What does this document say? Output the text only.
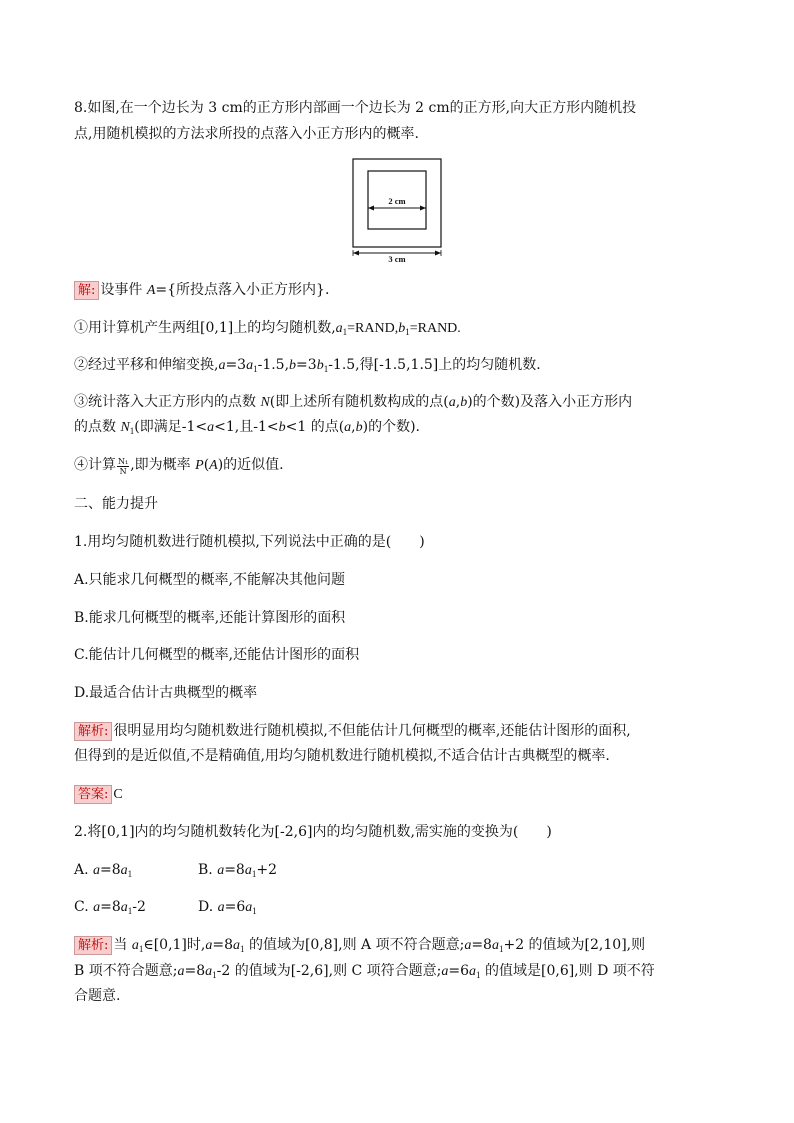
8.如图,在一个边长为 3 cm的正方形内部画一个边长为 2 cm的正方形,向大正方形内随机投
点,用随机模拟的方法求所投的点落入小正方形内的概率.
2 cm
3 cm
解: 设事件 A={所投点落入小正方形内}.
①用计算机产生两组[0,1]上的均匀随机数$,a_1=RAND,b_1=RAND$.
②经过平移和伸缩变换$,a=3a_1-1.5,b=3b_1-1.5$,得[-1.5,1.5]上的均匀随机数.
③统计落入大正方形内的点数 N(即上述所有随机数构成的点(a,b)的个数)及落入小正方形内
的点数 $N_1$(即满足-1<a<1,且-1<b<1 的点(a,b)的个数).
④计算 $\frac{\text{N₁}}{N}$ ,即为概率 P(A)的近似值.
二、能力提升
1.用均匀随机数进行随机模拟,下列说法中正确的是(　　)
A.只能求几何概型的概率,不能解决其他问题
B.能求几何概型的概率,还能计算图形的面积
C.能估计几何概型的概率,还能估计图形的面积
D.最适合估计古典概型的概率
解析: 很明显用均匀随机数进行随机模拟,不但能估计几何概型的概率,还能估计图形的面积,
但得到的是近似值,不是精确值,用均匀随机数进行随机模拟,不适合估计古典概型的概率.
答案: C
2.将[0,1]内的均匀随机数转化为[-2,6]内的均匀随机数,需实施的变换为(　　)
A. $a=8a_1$	B. $a=8a_1+2$
C. $a=8a_1-2$	D. $a=6a_1$
解析: 当 $a_1\in[0,1]$时$,a=8a_1$ 的值域为[0,8],则 A 项不符合题意$;a=8a_1+2$ 的值域为[2,10],则
B 项不符合题意$;a=8a_1-2$ 的值域为[-2,6],则 C 项符合题意$;a=6a_1$ 的值域是[0,6],则 D 项不符
合题意.
